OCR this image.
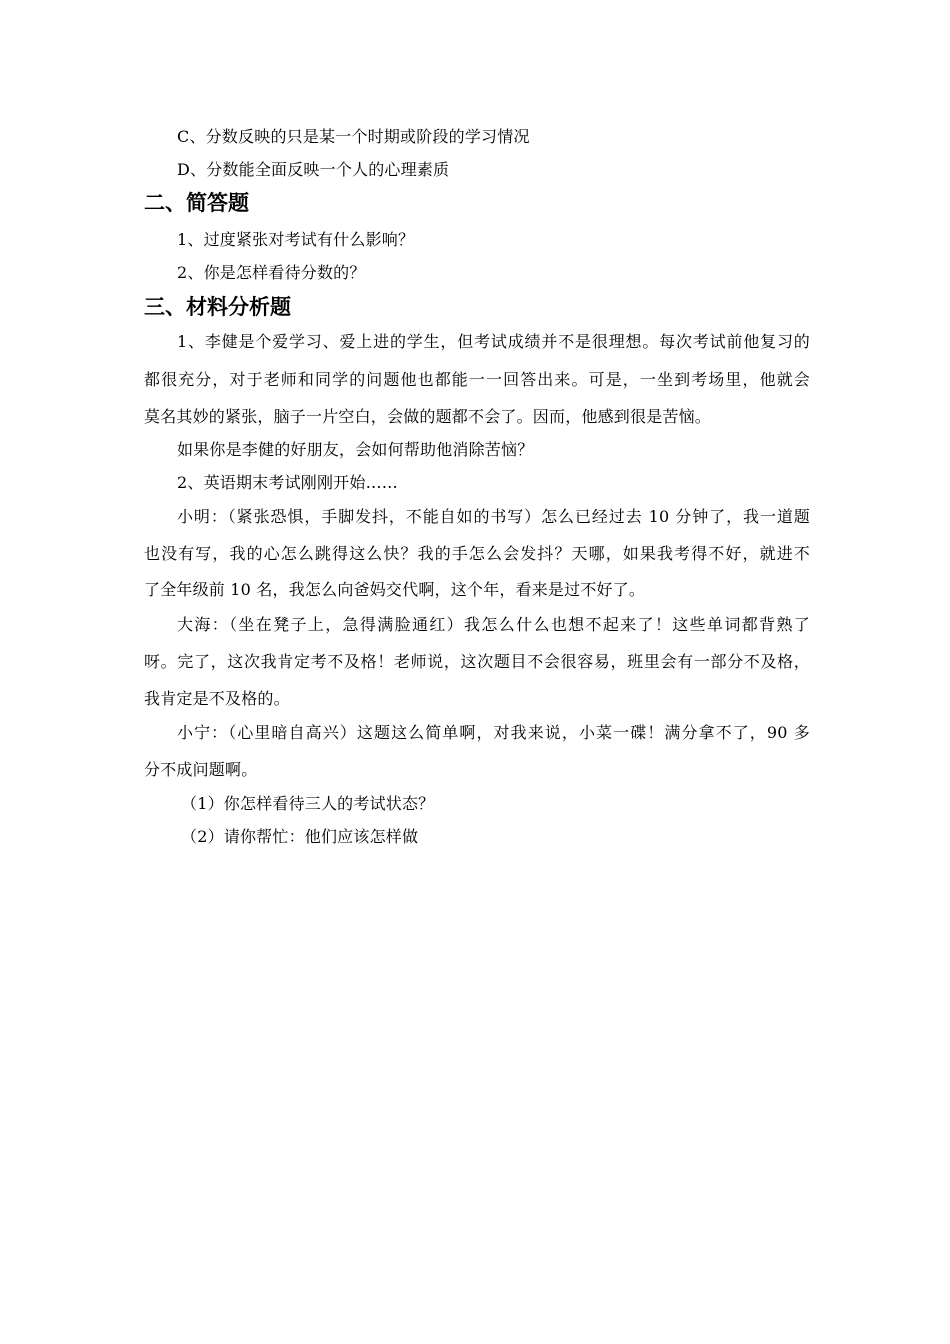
C、分数反映的只是某一个时期或阶段的学习情况
D、分数能全面反映一个人的心理素质
二、简答题
1、过度紧张对考试有什么影响？
2、你是怎样看待分数的？
三、材料分析题
1、李健是个爱学习、爱上进的学生，但考试成绩并不是很理想。每次考试前他复习的
都很充分，对于老师和同学的问题他也都能一一回答出来。可是，一坐到考场里，他就会
莫名其妙的紧张，脑子一片空白，会做的题都不会了。因而，他感到很是苦恼。
如果你是李健的好朋友，会如何帮助他消除苦恼？
2、英语期末考试刚刚开始……
小明：（紧张恐惧，手脚发抖，不能自如的书写）怎么已经过去 10 分钟了，我一道题
也没有写，我的心怎么跳得这么快？我的手怎么会发抖？天哪，如果我考得不好，就进不
了全年级前 10 名，我怎么向爸妈交代啊，这个年，看来是过不好了。
大海：（坐在凳子上，急得满脸通红）我怎么什么也想不起来了！这些单词都背熟了
呀。完了，这次我肯定考不及格！老师说，这次题目不会很容易，班里会有一部分不及格，
我肯定是不及格的。
小宁：（心里暗自高兴）这题这么简单啊，对我来说，小菜一碟！满分拿不了，90 多
分不成问题啊。
（1）你怎样看待三人的考试状态？
（2）请你帮忙：他们应该怎样做
